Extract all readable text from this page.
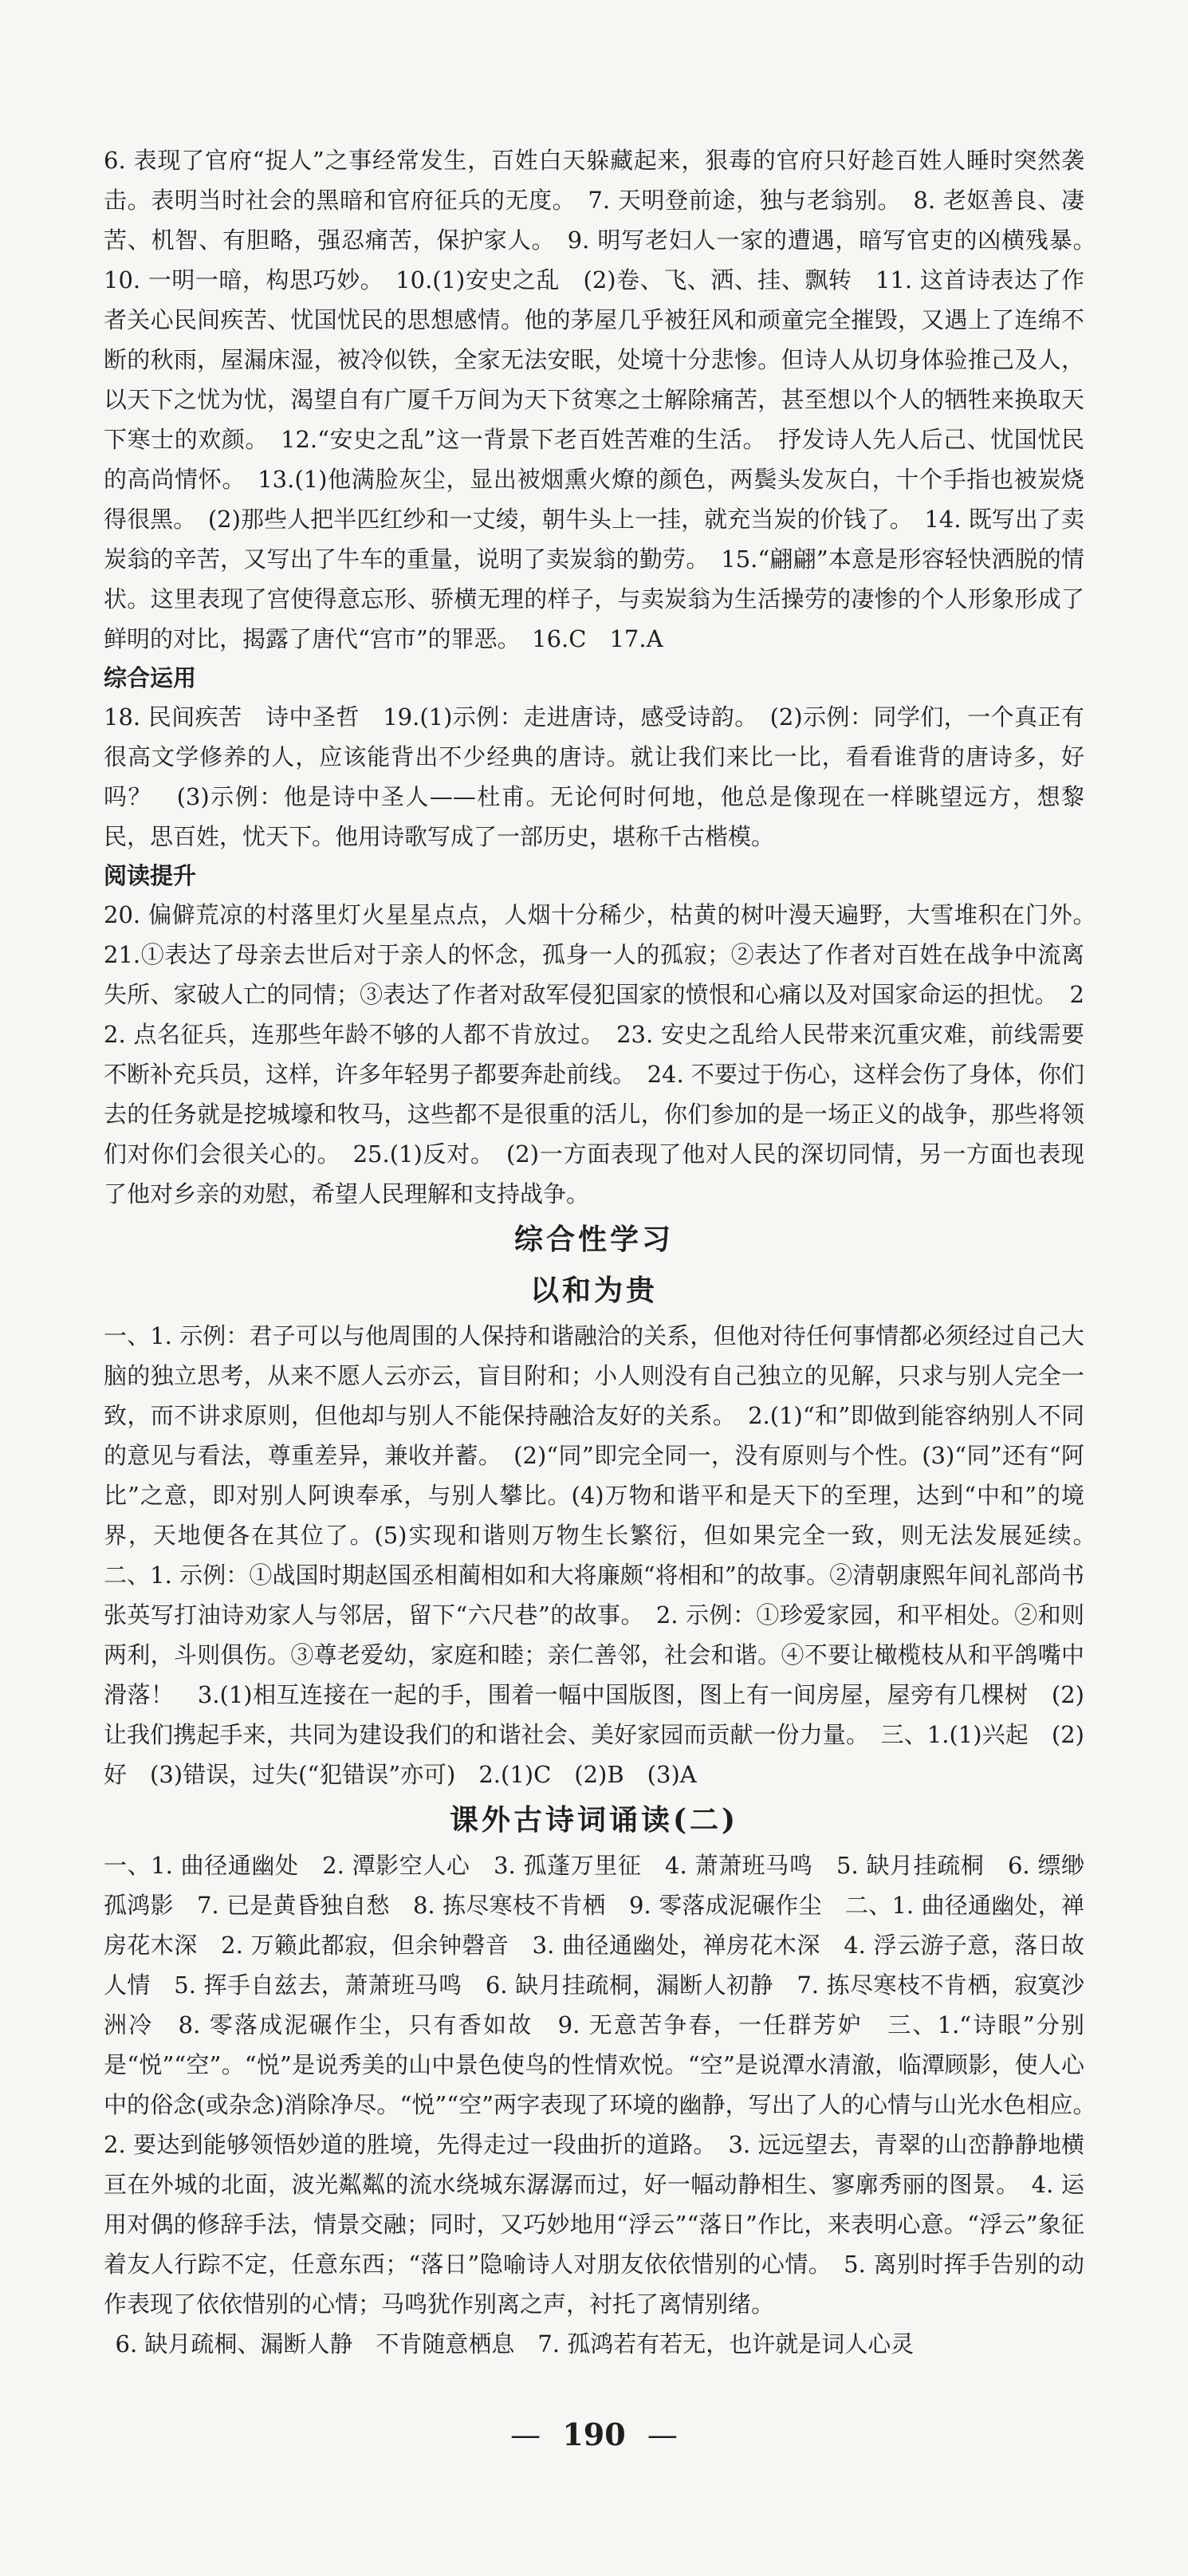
6. 表现了官府“捉人”之事经常发生，百姓白天躲藏起来，狠毒的官府只好趁百姓人睡时突然袭击。表明当时社会的黑暗和官府征兵的无度。　7. 天明登前途，独与老翁别。　8. 老妪善良、凄苦、机智、有胆略，强忍痛苦，保护家人。　9. 明写老妇人一家的遭遇，暗写官吏的凶横残暴。　10. 一明一暗，构思巧妙。　10.(1)安史之乱　(2)卷、飞、洒、挂、飘转　11. 这首诗表达了作者关心民间疾苦、忧国忧民的思想感情。他的茅屋几乎被狂风和顽童完全摧毁，又遇上了连绵不断的秋雨，屋漏床湿，被冷似铁，全家无法安眠，处境十分悲惨。但诗人从切身体验推己及人，以天下之忧为忧，渴望自有广厦千万间为天下贫寒之士解除痛苦，甚至想以个人的牺牲来换取天下寒士的欢颜。　12.“安史之乱”这一背景下老百姓苦难的生活。　抒发诗人先人后己、忧国忧民的高尚情怀。　13.(1)他满脸灰尘，显出被烟熏火燎的颜色，两鬓头发灰白，十个手指也被炭烧得很黑。　(2)那些人把半匹红纱和一丈绫，朝牛头上一挂，就充当炭的价钱了。　14. 既写出了卖炭翁的辛苦，又写出了牛车的重量，说明了卖炭翁的勤劳。　15.“翩翩”本意是形容轻快洒脱的情状。这里表现了宫使得意忘形、骄横无理的样子，与卖炭翁为生活操劳的凄惨的个人形象形成了鲜明的对比，揭露了唐代“宫市”的罪恶。　16.C　17.A

综合运用

18. 民间疾苦　诗中圣哲　19.(1)示例：走进唐诗，感受诗韵。　(2)示例：同学们，一个真正有很高文学修养的人，应该能背出不少经典的唐诗。就让我们来比一比，看看谁背的唐诗多，好吗？　(3)示例：他是诗中圣人——杜甫。无论何时何地，他总是像现在一样眺望远方，想黎民，思百姓，忧天下。他用诗歌写成了一部历史，堪称千古楷模。

阅读提升

20. 偏僻荒凉的村落里灯火星星点点，人烟十分稀少，枯黄的树叶漫天遍野，大雪堆积在门外。　21.①表达了母亲去世后对于亲人的怀念，孤身一人的孤寂；②表达了作者对百姓在战争中流离失所、家破人亡的同情；③表达了作者对敌军侵犯国家的愤恨和心痛以及对国家命运的担忧。　22. 点名征兵，连那些年龄不够的人都不肯放过。　23. 安史之乱给人民带来沉重灾难，前线需要不断补充兵员，这样，许多年轻男子都要奔赴前线。　24. 不要过于伤心，这样会伤了身体，你们去的任务就是挖城壕和牧马，这些都不是很重的活儿，你们参加的是一场正义的战争，那些将领们对你们会很关心的。　25.(1)反对。　(2)一方面表现了他对人民的深切同情，另一方面也表现了他对乡亲的劝慰，希望人民理解和支持战争。

综合性学习

以和为贵

一、1. 示例：君子可以与他周围的人保持和谐融洽的关系，但他对待任何事情都必须经过自己大脑的独立思考，从来不愿人云亦云，盲目附和；小人则没有自己独立的见解，只求与别人完全一致，而不讲求原则，但他却与别人不能保持融洽友好的关系。　2.(1)“和”即做到能容纳别人不同的意见与看法，尊重差异，兼收并蓄。　(2)“同”即完全同一，没有原则与个性。(3)“同”还有“阿比”之意，即对别人阿谀奉承，与别人攀比。(4)万物和谐平和是天下的至理，达到“中和”的境界，天地便各在其位了。(5)实现和谐则万物生长繁衍，但如果完全一致，则无法发展延续。　二、1. 示例：①战国时期赵国丞相蔺相如和大将廉颇“将相和”的故事。②清朝康熙年间礼部尚书张英写打油诗劝家人与邻居，留下“六尺巷”的故事。　2. 示例：①珍爱家园，和平相处。②和则两利，斗则俱伤。③尊老爱幼，家庭和睦；亲仁善邻，社会和谐。④不要让橄榄枝从和平鸽嘴中滑落！　3.(1)相互连接在一起的手，围着一幅中国版图，图上有一间房屋，屋旁有几棵树　(2)让我们携起手来，共同为建设我们的和谐社会、美好家园而贡献一份力量。　三、1.(1)兴起　(2)好　(3)错误，过失(“犯错误”亦可)　2.(1)C　(2)B　(3)A

课外古诗词诵读(二)

一、1. 曲径通幽处　2. 潭影空人心　3. 孤蓬万里征　4. 萧萧班马鸣　5. 缺月挂疏桐　6. 缥缈孤鸿影　7. 已是黄昏独自愁　8. 拣尽寒枝不肯栖　9. 零落成泥碾作尘　二、1. 曲径通幽处，禅房花木深　2. 万籁此都寂，但余钟磬音　3. 曲径通幽处，禅房花木深　4. 浮云游子意，落日故人情　5. 挥手自兹去，萧萧班马鸣　6. 缺月挂疏桐，漏断人初静　7. 拣尽寒枝不肯栖，寂寞沙洲冷　8. 零落成泥碾作尘，只有香如故　9. 无意苦争春，一任群芳妒　三、1.“诗眼”分别是“悦”“空”。“悦”是说秀美的山中景色使鸟的性情欢悦。“空”是说潭水清澈，临潭顾影，使人心中的俗念(或杂念)消除净尽。“悦”“空”两字表现了环境的幽静，写出了人的心情与山光水色相应。　2. 要达到能够领悟妙道的胜境，先得走过一段曲折的道路。　3. 远远望去，青翠的山峦静静地横亘在外城的北面，波光粼粼的流水绕城东潺潺而过，好一幅动静相生、寥廓秀丽的图景。　4. 运用对偶的修辞手法，情景交融；同时，又巧妙地用“浮云”“落日”作比，来表明心意。“浮云”象征着友人行踪不定，任意东西；“落日”隐喻诗人对朋友依依惜别的心情。　5. 离别时挥手告别的动作表现了依依惜别的心情；马鸣犹作别离之声，衬托了离情别绪。

6. 缺月疏桐、漏断人静　不肯随意栖息　7. 孤鸿若有若无，也许就是词人心灵

— 190 —
